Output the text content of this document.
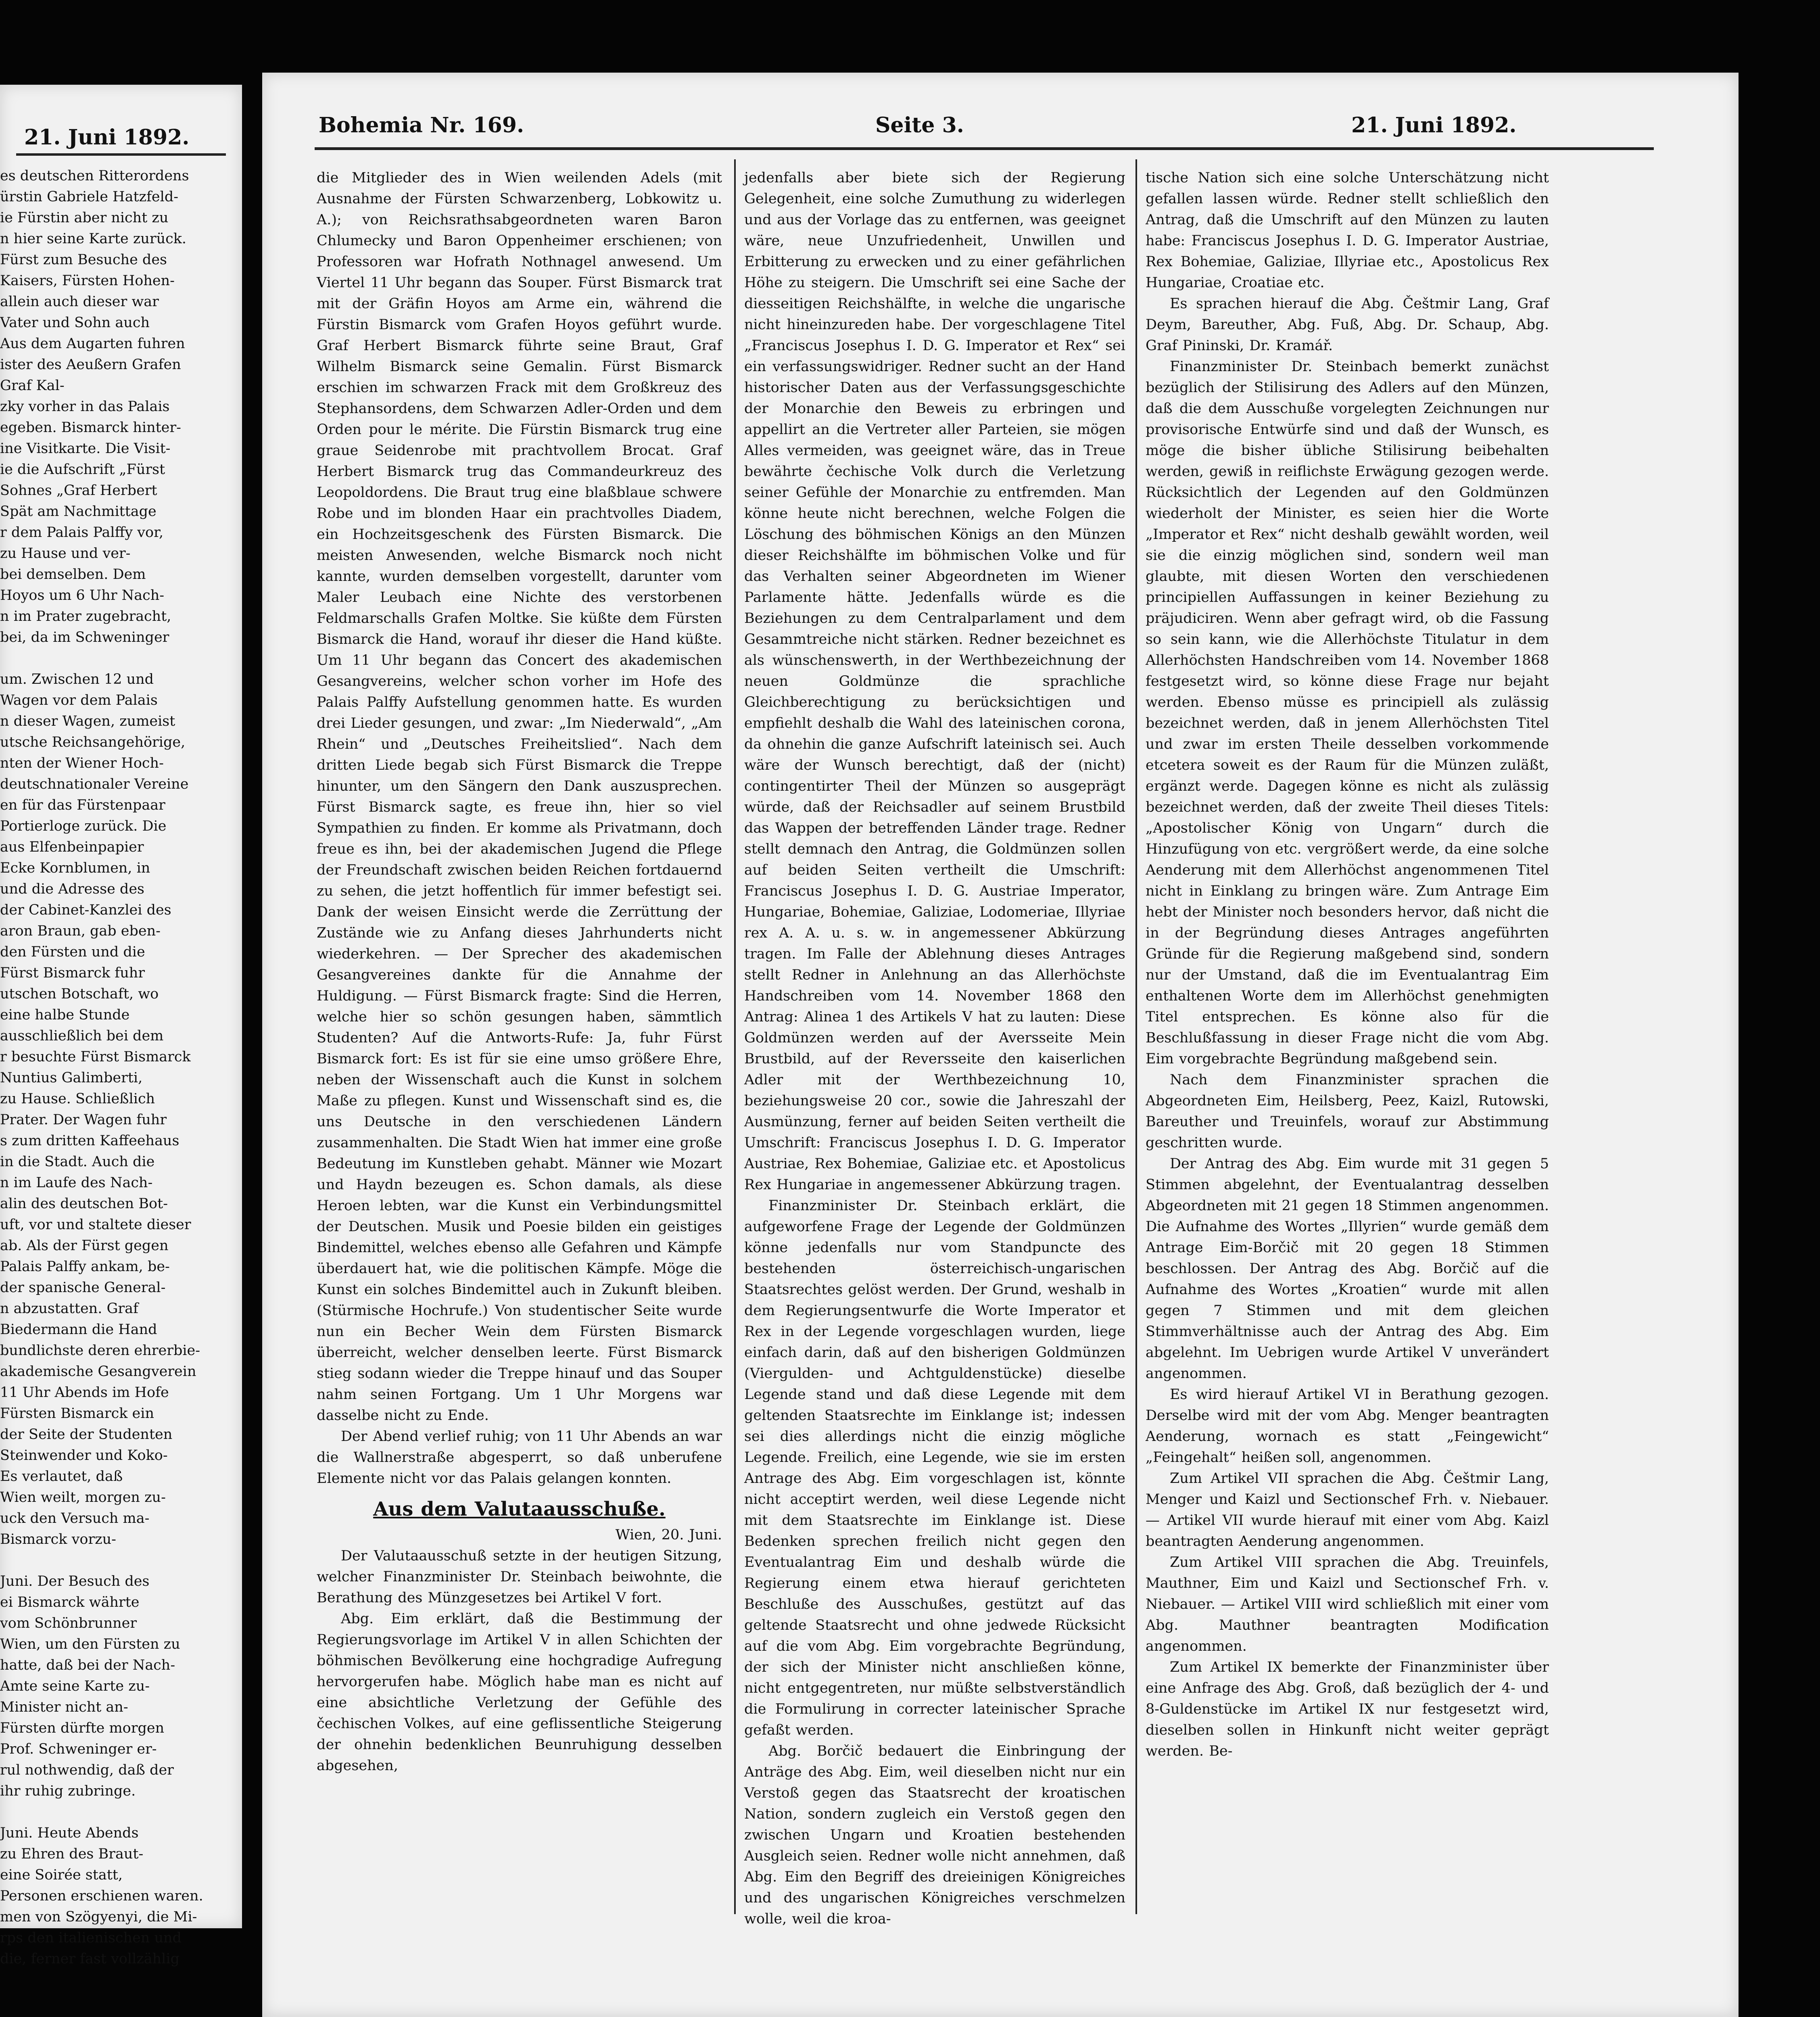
21. Juni 1892.

es deutschen Ritterordens

ürstin Gabriele Hatzfeld-

ie Fürstin aber nicht zu

n hier seine Karte zurück.

Fürst zum Besuche des

Kaisers, Fürsten Hohen-

allein auch dieser war

Vater und Sohn auch

Aus dem Augarten fuhren

ister des Aeußern Grafen

Graf Kal-

zky vorher in das Palais

egeben. Bismarck hinter-

ine Visitkarte. Die Visit-

ie die Aufschrift „Fürst

Sohnes „Graf Herbert

Spät am Nachmittage

r dem Palais Palffy vor,

zu Hause und ver-

bei demselben. Dem

Hoyos um 6 Uhr Nach-

n im Prater zugebracht,

bei, da im Schweninger

um. Zwischen 12 und

Wagen vor dem Palais

n dieser Wagen, zumeist

utsche Reichsangehörige,

nten der Wiener Hoch-

deutschnationaler Vereine

en für das Fürstenpaar

Portierloge zurück. Die

aus Elfenbeinpapier

Ecke Kornblumen, in

und die Adresse des

der Cabinet-Kanzlei des

aron Braun, gab eben-

den Fürsten und die

Fürst Bismarck fuhr

utschen Botschaft, wo

eine halbe Stunde

ausschließlich bei dem

r besuchte Fürst Bismarck

Nuntius Galimberti,

zu Hause. Schließlich

Prater. Der Wagen fuhr

s zum dritten Kaffeehaus

in die Stadt. Auch die

n im Laufe des Nach-

alin des deutschen Bot-

uft, vor und staltete dieser

ab. Als der Fürst gegen

Palais Palffy ankam, be-

der spanische General-

n abzustatten. Graf

Biedermann die Hand

bundlichste deren ehrerbie-

akademische Gesangverein

11 Uhr Abends im Hofe

Fürsten Bismarck ein

der Seite der Studenten

Steinwender und Koko-

Es verlautet, daß

Wien weilt, morgen zu-

uck den Versuch ma-

Bismarck vorzu-

Juni. Der Besuch des

ei Bismarck währte

vom Schönbrunner

Wien, um den Fürsten zu

hatte, daß bei der Nach-

Amte seine Karte zu-

Minister nicht an-

Fürsten dürfte morgen

Prof. Schweninger er-

rul nothwendig, daß der

ihr ruhig zubringe.

Juni. Heute Abends

zu Ehren des Braut-

eine Soirée statt,

Personen erschienen waren.

men von Szögyenyi, die Mi-

rps den italienischen und

die, ferner fast vollzählig

Bohemia Nr. 169.	Seite 3.	21. Juni 1892.

die Mitglieder des in Wien weilenden Adels (mit Ausnahme der Fürsten Schwarzenberg, Lobkowitz u. A.); von Reichsrathsabgeordneten waren Baron Chlumecky und Baron Oppenheimer erschienen; von Professoren war Hofrath Nothnagel anwesend. Um Viertel 11 Uhr begann das Souper. Fürst Bismarck trat mit der Gräfin Hoyos am Arme ein, während die Fürstin Bismarck vom Grafen Hoyos geführt wurde. Graf Herbert Bismarck führte seine Braut, Graf Wilhelm Bismarck seine Gemalin. Fürst Bismarck erschien im schwarzen Frack mit dem Großkreuz des Stephansordens, dem Schwarzen Adler-Orden und dem Orden pour le mérite. Die Fürstin Bismarck trug eine graue Seidenrobe mit prachtvollem Brocat. Graf Herbert Bismarck trug das Commandeurkreuz des Leopoldordens. Die Braut trug eine blaßblaue schwere Robe und im blonden Haar ein prachtvolles Diadem, ein Hochzeitsgeschenk des Fürsten Bismarck. Die meisten Anwesenden, welche Bismarck noch nicht kannte, wurden demselben vorgestellt, darunter vom Maler Leubach eine Nichte des verstorbenen Feldmarschalls Grafen Moltke. Sie küßte dem Fürsten Bismarck die Hand, worauf ihr dieser die Hand küßte. Um 11 Uhr begann das Concert des akademischen Gesangvereins, welcher schon vorher im Hofe des Palais Palffy Aufstellung genommen hatte. Es wurden drei Lieder gesungen, und zwar: „Im Niederwald“, „Am Rhein“ und „Deutsches Freiheitslied“. Nach dem dritten Liede begab sich Fürst Bismarck die Treppe hinunter, um den Sängern den Dank auszusprechen. Fürst Bismarck sagte, es freue ihn, hier so viel Sympathien zu finden. Er komme als Privatmann, doch freue es ihn, bei der akademischen Jugend die Pflege der Freundschaft zwischen beiden Reichen fortdauernd zu sehen, die jetzt hoffentlich für immer befestigt sei. Dank der weisen Einsicht werde die Zerrüttung der Zustände wie zu Anfang dieses Jahrhunderts nicht wiederkehren. — Der Sprecher des akademischen Gesangvereines dankte für die Annahme der Huldigung. — Fürst Bismarck fragte: Sind die Herren, welche hier so schön gesungen haben, sämmtlich Studenten? Auf die Antworts-Rufe: Ja, fuhr Fürst Bismarck fort: Es ist für sie eine umso größere Ehre, neben der Wissenschaft auch die Kunst in solchem Maße zu pflegen. Kunst und Wissenschaft sind es, die uns Deutsche in den verschiedenen Ländern zusammenhalten. Die Stadt Wien hat immer eine große Bedeutung im Kunstleben gehabt. Männer wie Mozart und Haydn bezeugen es. Schon damals, als diese Heroen lebten, war die Kunst ein Verbindungsmittel der Deutschen. Musik und Poesie bilden ein geistiges Bindemittel, welches ebenso alle Gefahren und Kämpfe überdauert hat, wie die politischen Kämpfe. Möge die Kunst ein solches Bindemittel auch in Zukunft bleiben. (Stürmische Hochrufe.) Von studentischer Seite wurde nun ein Becher Wein dem Fürsten Bismarck überreicht, welcher denselben leerte. Fürst Bismarck stieg sodann wieder die Treppe hinauf und das Souper nahm seinen Fortgang. Um 1 Uhr Morgens war dasselbe nicht zu Ende.

Der Abend verlief ruhig; von 11 Uhr Abends an war die Wallnerstraße abgesperrt, so daß unberufene Elemente nicht vor das Palais gelangen konnten.

Aus dem Valutaausschuße.

Wien, 20. Juni.

Der Valutaausschuß setzte in der heutigen Sitzung, welcher Finanzminister Dr. Steinbach beiwohnte, die Berathung des Münzgesetzes bei Artikel V fort.

Abg. Eim erklärt, daß die Bestimmung der Regierungsvorlage im Artikel V in allen Schichten der böhmischen Bevölkerung eine hochgradige Aufregung hervorgerufen habe. Möglich habe man es nicht auf eine absichtliche Verletzung der Gefühle des čechischen Volkes, auf eine geflissentliche Steigerung der ohnehin bedenklichen Beunruhigung desselben abgesehen,

jedenfalls aber biete sich der Regierung Gelegenheit, eine solche Zumuthung zu widerlegen und aus der Vorlage das zu entfernen, was geeignet wäre, neue Unzufriedenheit, Unwillen und Erbitterung zu erwecken und zu einer gefährlichen Höhe zu steigern. Die Umschrift sei eine Sache der diesseitigen Reichshälfte, in welche die ungarische nicht hineinzureden habe. Der vorgeschlagene Titel „Franciscus Josephus I. D. G. Imperator et Rex“ sei ein verfassungswidriger. Redner sucht an der Hand historischer Daten aus der Verfassungsgeschichte der Monarchie den Beweis zu erbringen und appellirt an die Vertreter aller Parteien, sie mögen Alles vermeiden, was geeignet wäre, das in Treue bewährte čechische Volk durch die Verletzung seiner Gefühle der Monarchie zu entfremden. Man könne heute nicht berechnen, welche Folgen die Löschung des böhmischen Königs an den Münzen dieser Reichshälfte im böhmischen Volke und für das Verhalten seiner Abgeordneten im Wiener Parlamente hätte. Jedenfalls würde es die Beziehungen zu dem Centralparlament und dem Gesammtreiche nicht stärken. Redner bezeichnet es als wünschenswerth, in der Werthbezeichnung der neuen Goldmünze die sprachliche Gleichberechtigung zu berücksichtigen und empfiehlt deshalb die Wahl des lateinischen corona, da ohnehin die ganze Aufschrift lateinisch sei. Auch wäre der Wunsch berechtigt, daß der (nicht) contingentirter Theil der Münzen so ausgeprägt würde, daß der Reichsadler auf seinem Brustbild das Wappen der betreffenden Länder trage. Redner stellt demnach den Antrag, die Goldmünzen sollen auf beiden Seiten vertheilt die Umschrift: Franciscus Josephus I. D. G. Austriae Imperator, Hungariae, Bohemiae, Galiziae, Lodomeriae, Illyriae rex A. A. u. s. w. in angemessener Abkürzung tragen. Im Falle der Ablehnung dieses Antrages stellt Redner in Anlehnung an das Allerhöchste Handschreiben vom 14. November 1868 den Antrag: Alinea 1 des Artikels V hat zu lauten: Diese Goldmünzen werden auf der Aversseite Mein Brustbild, auf der Reversseite den kaiserlichen Adler mit der Werthbezeichnung 10, beziehungsweise 20 cor., sowie die Jahreszahl der Ausmünzung, ferner auf beiden Seiten vertheilt die Umschrift: Franciscus Josephus I. D. G. Imperator Austriae, Rex Bohemiae, Galiziae etc. et Apostolicus Rex Hungariae in angemessener Abkürzung tragen.

Finanzminister Dr. Steinbach erklärt, die aufgeworfene Frage der Legende der Goldmünzen könne jedenfalls nur vom Standpuncte des bestehenden österreichisch-ungarischen Staatsrechtes gelöst werden. Der Grund, weshalb in dem Regierungsentwurfe die Worte Imperator et Rex in der Legende vorgeschlagen wurden, liege einfach darin, daß auf den bisherigen Goldmünzen (Viergulden- und Achtguldenstücke) dieselbe Legende stand und daß diese Legende mit dem geltenden Staatsrechte im Einklange ist; indessen sei dies allerdings nicht die einzig mögliche Legende. Freilich, eine Legende, wie sie im ersten Antrage des Abg. Eim vorgeschlagen ist, könnte nicht acceptirt werden, weil diese Legende nicht mit dem Staatsrechte im Einklange ist. Diese Bedenken sprechen freilich nicht gegen den Eventualantrag Eim und deshalb würde die Regierung einem etwa hierauf gerichteten Beschluße des Ausschußes, gestützt auf das geltende Staatsrecht und ohne jedwede Rücksicht auf die vom Abg. Eim vorgebrachte Begründung, der sich der Minister nicht anschließen könne, nicht entgegentreten, nur müßte selbstverständlich die Formulirung in correcter lateinischer Sprache gefaßt werden.

Abg. Borčič bedauert die Einbringung der Anträge des Abg. Eim, weil dieselben nicht nur ein Verstoß gegen das Staatsrecht der kroatischen Nation, sondern zugleich ein Verstoß gegen den zwischen Ungarn und Kroatien bestehenden Ausgleich seien. Redner wolle nicht annehmen, daß Abg. Eim den Begriff des dreieinigen Königreiches und des ungarischen Königreiches verschmelzen wolle, weil die kroa-

tische Nation sich eine solche Unterschätzung nicht gefallen lassen würde. Redner stellt schließlich den Antrag, daß die Umschrift auf den Münzen zu lauten habe: Franciscus Josephus I. D. G. Imperator Austriae, Rex Bohemiae, Galiziae, Illyriae etc., Apostolicus Rex Hungariae, Croatiae etc.

Es sprachen hierauf die Abg. Češtmir Lang, Graf Deym, Bareuther, Abg. Fuß, Abg. Dr. Schaup, Abg. Graf Pininski, Dr. Kramář.

Finanzminister Dr. Steinbach bemerkt zunächst bezüglich der Stilisirung des Adlers auf den Münzen, daß die dem Ausschuße vorgelegten Zeichnungen nur provisorische Entwürfe sind und daß der Wunsch, es möge die bisher übliche Stilisirung beibehalten werden, gewiß in reiflichste Erwägung gezogen werde. Rücksichtlich der Legenden auf den Goldmünzen wiederholt der Minister, es seien hier die Worte „Imperator et Rex“ nicht deshalb gewählt worden, weil sie die einzig möglichen sind, sondern weil man glaubte, mit diesen Worten den verschiedenen principiellen Auffassungen in keiner Beziehung zu präjudiciren. Wenn aber gefragt wird, ob die Fassung so sein kann, wie die Allerhöchste Titulatur in dem Allerhöchsten Handschreiben vom 14. November 1868 festgesetzt wird, so könne diese Frage nur bejaht werden. Ebenso müsse es principiell als zulässig bezeichnet werden, daß in jenem Allerhöchsten Titel und zwar im ersten Theile desselben vorkommende etcetera soweit es der Raum für die Münzen zuläßt, ergänzt werde. Dagegen könne es nicht als zulässig bezeichnet werden, daß der zweite Theil dieses Titels: „Apostolischer König von Ungarn“ durch die Hinzufügung von etc. vergrößert werde, da eine solche Aenderung mit dem Allerhöchst angenommenen Titel nicht in Einklang zu bringen wäre. Zum Antrage Eim hebt der Minister noch besonders hervor, daß nicht die in der Begründung dieses Antrages angeführten Gründe für die Regierung maßgebend sind, sondern nur der Umstand, daß die im Eventualantrag Eim enthaltenen Worte dem im Allerhöchst genehmigten Titel entsprechen. Es könne also für die Beschlußfassung in dieser Frage nicht die vom Abg. Eim vorgebrachte Begründung maßgebend sein.

Nach dem Finanzminister sprachen die Abgeordneten Eim, Heilsberg, Peez, Kaizl, Rutowski, Bareuther und Treuinfels, worauf zur Abstimmung geschritten wurde.

Der Antrag des Abg. Eim wurde mit 31 gegen 5 Stimmen abgelehnt, der Eventualantrag desselben Abgeordneten mit 21 gegen 18 Stimmen angenommen. Die Aufnahme des Wortes „Illyrien“ wurde gemäß dem Antrage Eim-Borčič mit 20 gegen 18 Stimmen beschlossen. Der Antrag des Abg. Borčič auf die Aufnahme des Wortes „Kroatien“ wurde mit allen gegen 7 Stimmen und mit dem gleichen Stimmverhältnisse auch der Antrag des Abg. Eim abgelehnt. Im Uebrigen wurde Artikel V unverändert angenommen.

Es wird hierauf Artikel VI in Berathung gezogen. Derselbe wird mit der vom Abg. Menger beantragten Aenderung, wornach es statt „Feingewicht“ „Feingehalt“ heißen soll, angenommen.

Zum Artikel VII sprachen die Abg. Češtmir Lang, Menger und Kaizl und Sectionschef Frh. v. Niebauer. — Artikel VII wurde hierauf mit einer vom Abg. Kaizl beantragten Aenderung angenommen.

Zum Artikel VIII sprachen die Abg. Treuinfels, Mauthner, Eim und Kaizl und Sectionschef Frh. v. Niebauer. — Artikel VIII wird schließlich mit einer vom Abg. Mauthner beantragten Modification angenommen.

Zum Artikel IX bemerkte der Finanzminister über eine Anfrage des Abg. Groß, daß bezüglich der 4- und 8-Guldenstücke im Artikel IX nur festgesetzt wird, dieselben sollen in Hinkunft nicht weiter geprägt werden. Be-
